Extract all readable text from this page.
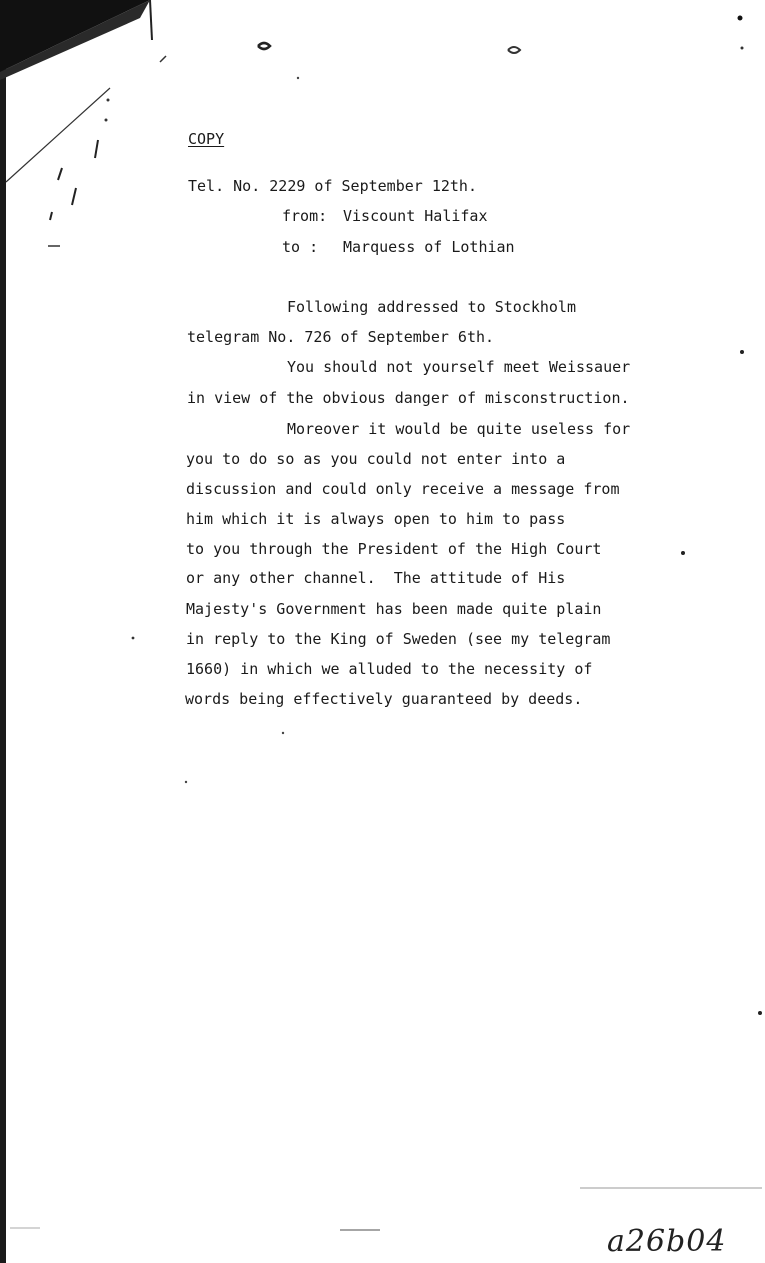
COPY
Tel. No. 2229 of September 12th.
from: Viscount Halifax
to : Marquess of Lothian
Following addressed to Stockholm
telegram No. 726 of September 6th.
You should not yourself meet Weissauer
in view of the obvious danger of misconstruction.
Moreover it would be quite useless for
you to do so as you could not enter into a
discussion and could only receive a message from
him which it is always open to him to pass
to you through the President of the High Court
or any other channel.  The attitude of His
Majesty's Government has been made quite plain
in reply to the King of Sweden (see my telegram
1660) in which we alluded to the necessity of
words being effectively guaranteed by deeds.
a26b04
